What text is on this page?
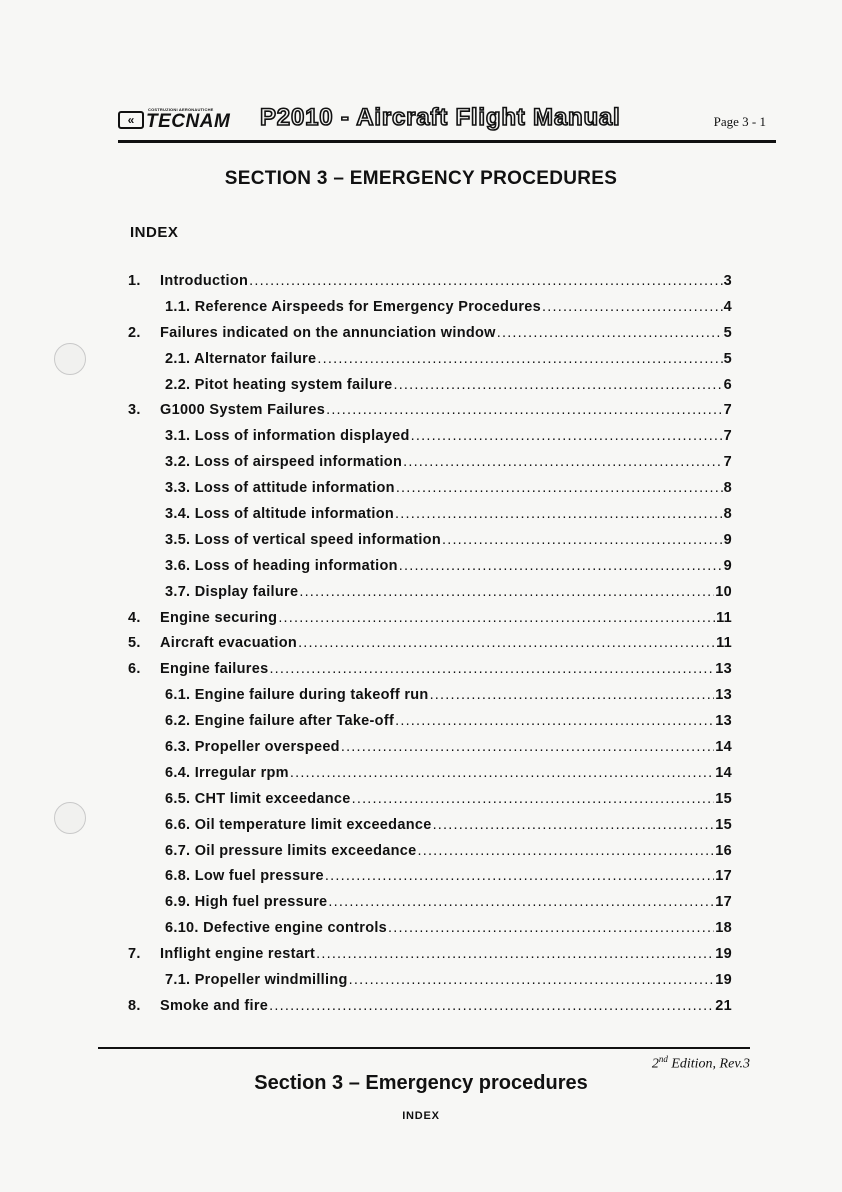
«
COSTRUZIONI AERONAUTICHE
TECNAM P2010 - Aircraft Flight Manual	Page 3 - 1
SECTION 3 – EMERGENCY PROCEDURES
INDEX
1.	Introduction .....	3
1.1. Reference Airspeeds for Emergency Procedures .....	4
2.	Failures indicated on the annunciation window .....	5
2.1. Alternator failure .....	5
2.2. Pitot heating system failure .....	6
3.	G1000 System Failures .....	7
3.1. Loss of information displayed .....	7
3.2. Loss of airspeed information .....	7
3.3. Loss of attitude information .....	8
3.4. Loss of altitude information .....	8
3.5. Loss of vertical speed information .....	9
3.6. Loss of heading information .....	9
3.7. Display failure .....	10
4.	Engine securing .....	11
5.	Aircraft evacuation .....	11
6.	Engine failures .....	13
6.1. Engine failure during takeoff run .....	13
6.2. Engine failure after Take-off .....	13
6.3. Propeller overspeed .....	14
6.4. Irregular rpm .....	14
6.5. CHT limit exceedance .....	15
6.6. Oil temperature limit exceedance .....	15
6.7. Oil pressure limits exceedance .....	16
6.8. Low fuel pressure .....	17
6.9. High fuel pressure .....	17
6.10. Defective engine controls .....	18
7.	Inflight engine restart .....	19
7.1. Propeller windmilling .....	19
8.	Smoke and fire .....	21
2nd Edition, Rev.3
Section 3 – Emergency procedures
INDEX
